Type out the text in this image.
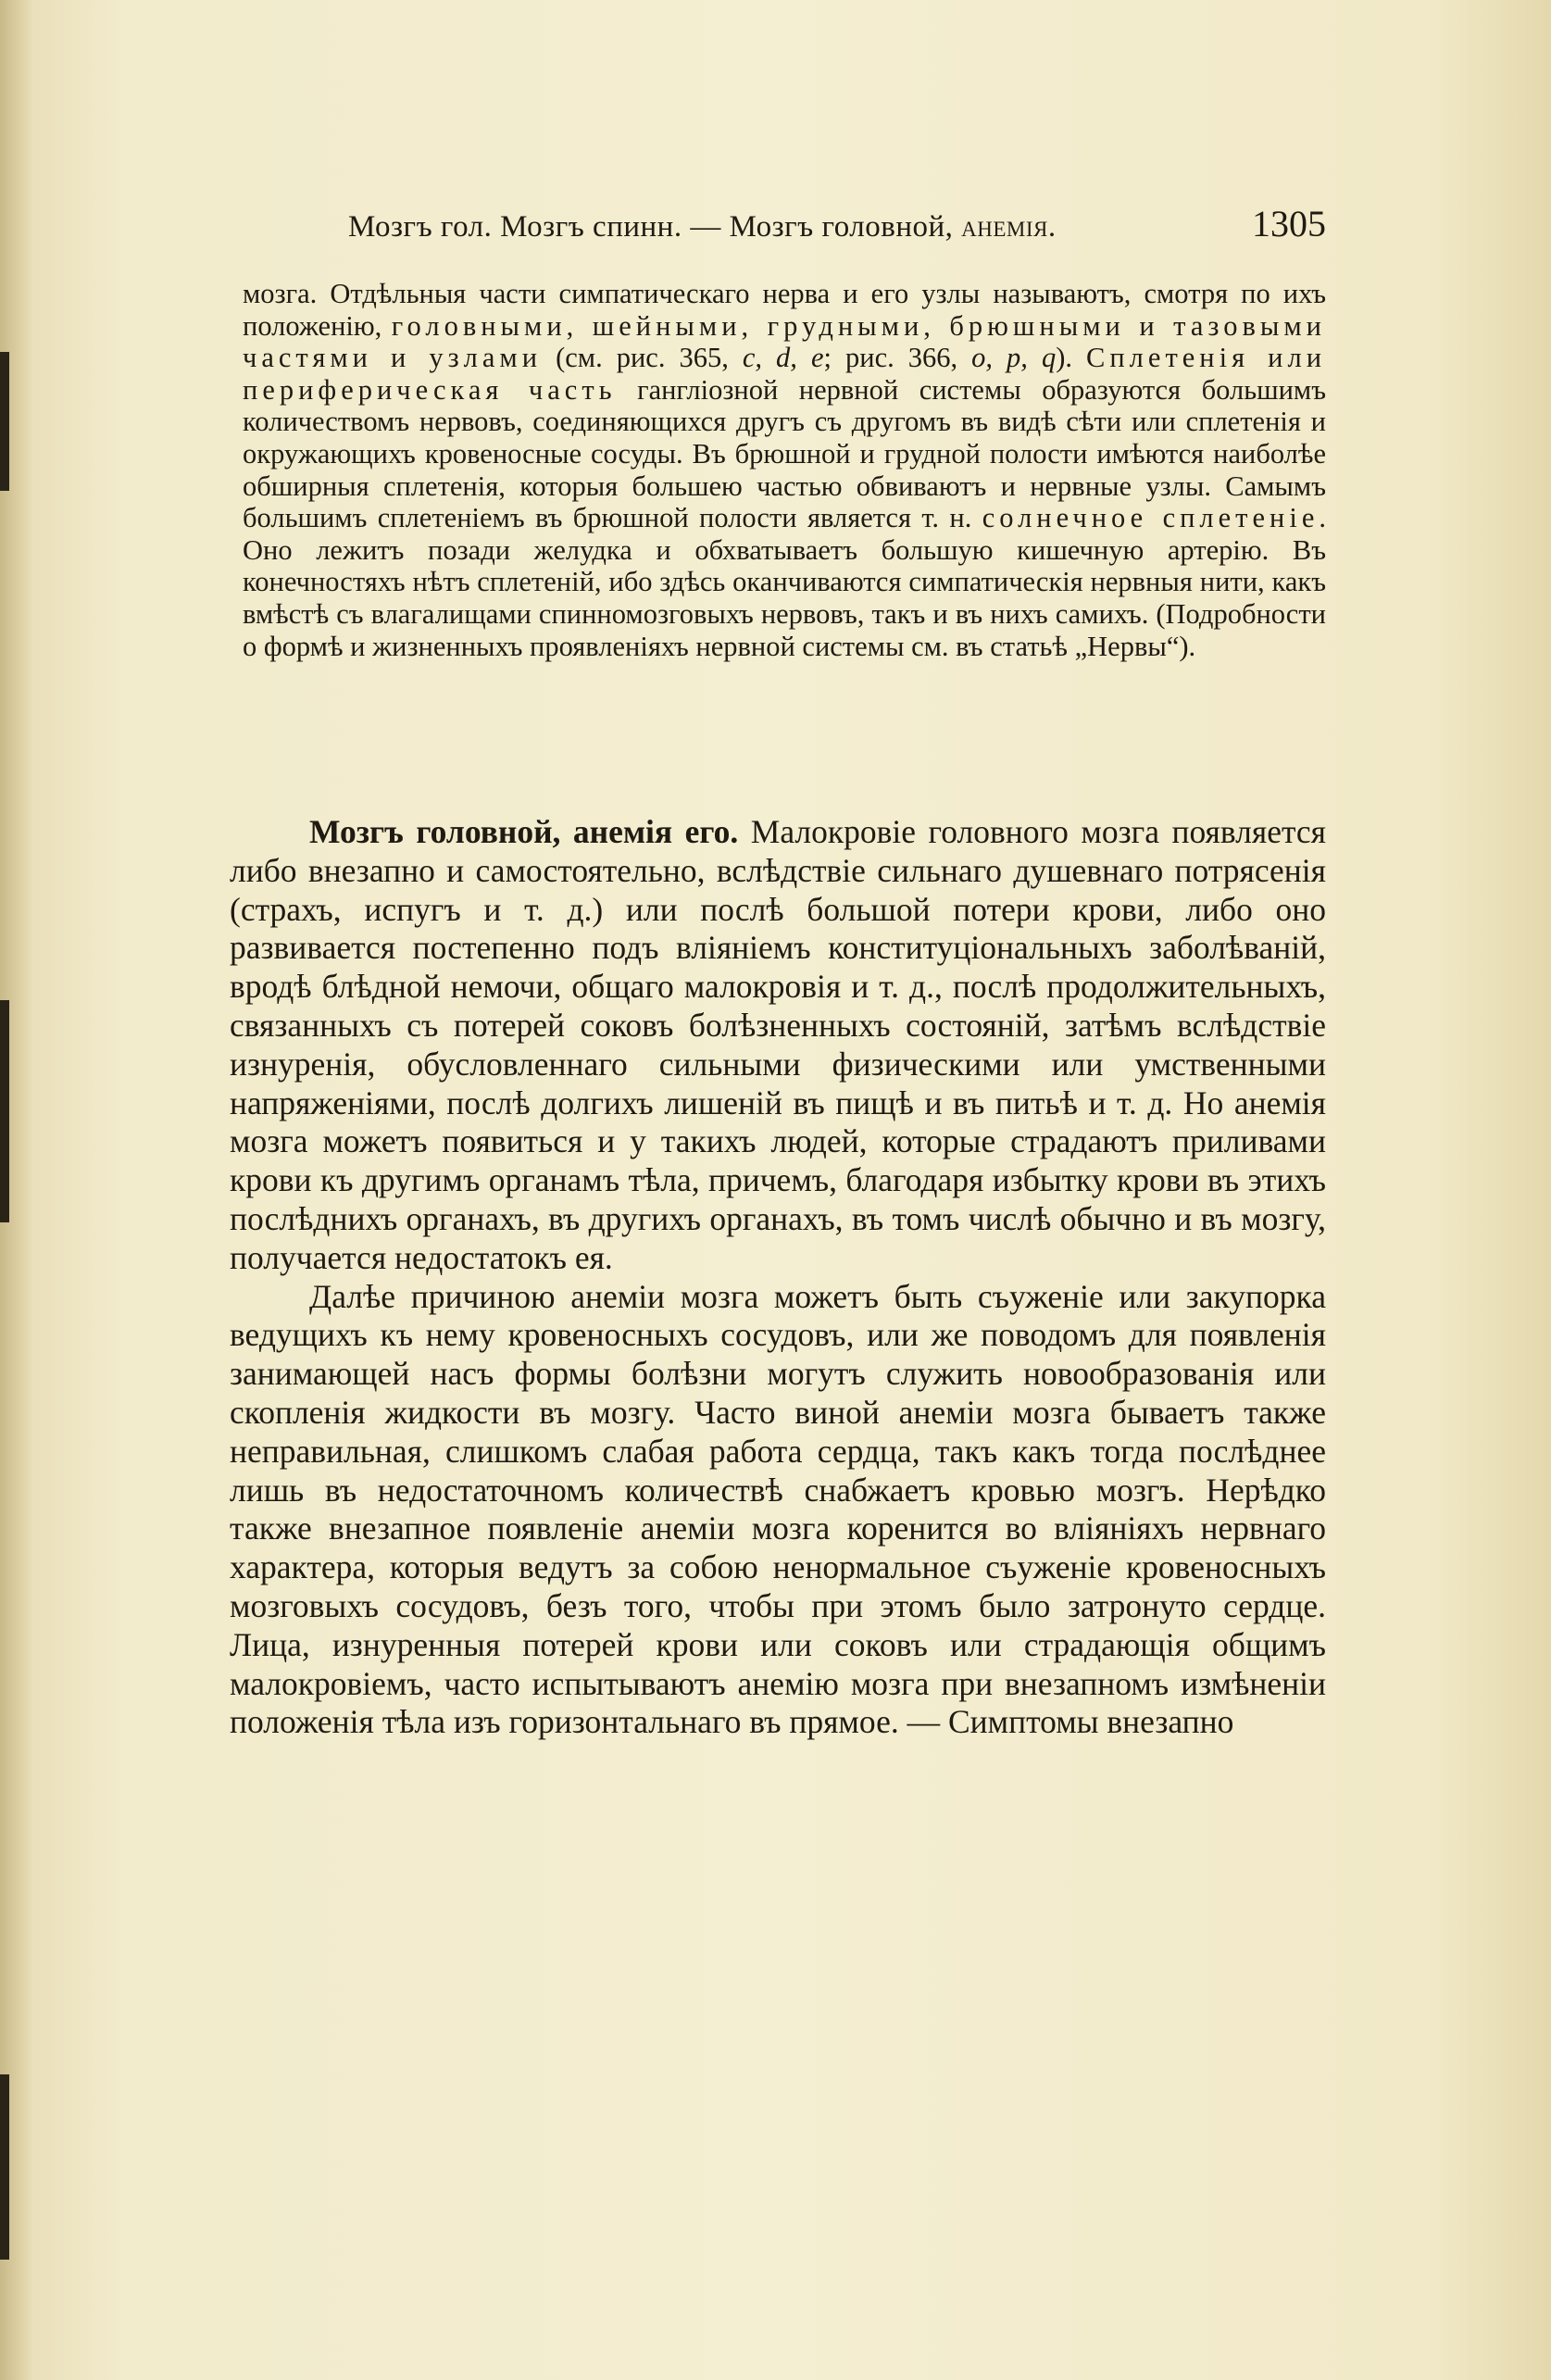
Мозгъ гол. Мозгъ спинн. — Мозгъ головной, анемія.	1305

мозга. Отдѣльныя части симпатическаго нерва и его узлы называютъ, смотря по ихъ положенію, головными, шейными, грудными, брюшными и тазовыми частями и узлами (см. рис. 365, c, d, e; рис. 366, o, p, q). Сплетенія или периферическая часть гангліозной нервной системы образуются большимъ количествомъ нервовъ, соединяющихся другъ съ другомъ въ видѣ сѣти или сплетенія и окружающихъ кровеносные сосуды. Въ брюшной и грудной полости имѣются наиболѣе обширныя сплетенія, которыя большею частью обвиваютъ и нервные узлы. Самымъ большимъ сплетеніемъ въ брюшной полости является т. н. солнечное сплетеніе. Оно лежитъ позади желудка и обхватываетъ большую кишечную артерію. Въ конечностяхъ нѣтъ сплетеній, ибо здѣсь оканчиваются симпатическія нервныя нити, какъ вмѣстѣ съ влагалищами спинномозговыхъ нервовъ, такъ и въ нихъ самихъ. (Подробности о формѣ и жизненныхъ проявленіяхъ нервной системы см. въ статьѣ „Нервы“).

Мозгъ головной, анемія его. Малокровіе головного мозга появляется либо внезапно и самостоятельно, вслѣдствіе сильнаго душевнаго потрясенія (страхъ, испугъ и т. д.) или послѣ большой потери крови, либо оно развивается постепенно подъ вліяніемъ конституціональныхъ заболѣваній, вродѣ блѣдной немочи, общаго малокровія и т. д., послѣ продолжительныхъ, связанныхъ съ потерей соковъ болѣзненныхъ состояній, затѣмъ вслѣдствіе изнуренія, обусловленнаго сильными физическими или умственными напряженіями, послѣ долгихъ лишеній въ пищѣ и въ питьѣ и т. д. Но анемія мозга можетъ появиться и у такихъ людей, которые страдаютъ приливами крови къ другимъ органамъ тѣла, причемъ, благодаря избытку крови въ этихъ послѣднихъ органахъ, въ другихъ органахъ, въ томъ числѣ обычно и въ мозгу, получается недостатокъ ея.

Далѣе причиною анеміи мозга можетъ быть съуженіе или закупорка ведущихъ къ нему кровеносныхъ сосудовъ, или же поводомъ для появленія занимающей насъ формы болѣзни могутъ служить новообразованія или скопленія жидкости въ мозгу. Часто виной анеміи мозга бываетъ также неправильная, слишкомъ слабая работа сердца, такъ какъ тогда послѣднее лишь въ недостаточномъ количествѣ снабжаетъ кровью мозгъ. Нерѣдко также внезапное появленіе анеміи мозга коренится во вліяніяхъ нервнаго характера, которыя ведутъ за собою ненормальное съуженіе кровеносныхъ мозговыхъ сосудовъ, безъ того, чтобы при этомъ было затронуто сердце. Лица, изнуренныя потерей крови или соковъ или страдающія общимъ малокровіемъ, часто испытываютъ анемію мозга при внезапномъ измѣненіи положенія тѣла изъ горизонтальнаго въ прямое. — Симптомы внезапно
